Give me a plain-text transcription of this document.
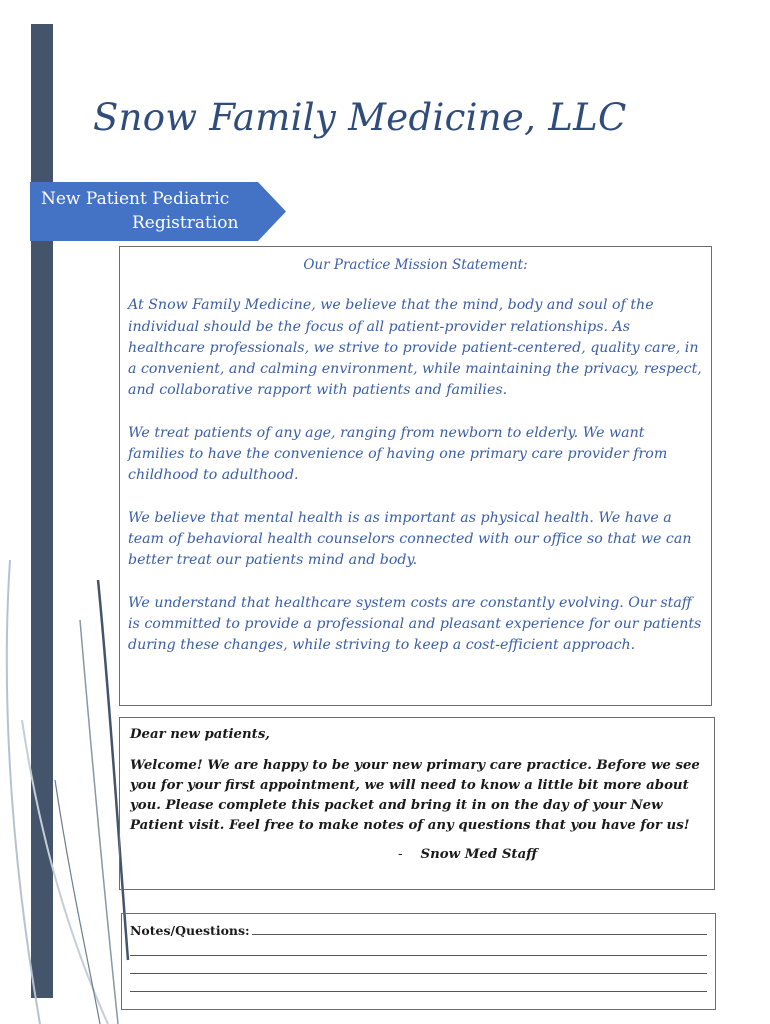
Snow Family Medicine, LLC
New Patient Pediatric
Registration
Our Practice Mission Statement:

At Snow Family Medicine, we believe that the mind, body and soul of the individual should be the focus of all patient-provider relationships. As healthcare professionals, we strive to provide patient-centered, quality care, in a convenient, and calming environment, while maintaining the privacy, respect, and collaborative rapport with patients and families.

We treat patients of any age, ranging from newborn to elderly. We want families to have the convenience of having one primary care provider from childhood to adulthood.

We believe that mental health is as important as physical health. We have a team of behavioral health counselors connected with our office so that we can better treat our patients mind and body.

We understand that healthcare system costs are constantly evolving. Our staff is committed to provide a professional and pleasant experience for our patients during these changes, while striving to keep a cost-efficient approach.

Dear new patients,

Welcome! We are happy to be your new primary care practice. Before we see you for your first appointment, we will need to know a little bit more about you. Please complete this packet and bring it in on the day of your New Patient visit. Feel free to make notes of any questions that you have for us!

- Snow Med Staff
Notes/Questions:
